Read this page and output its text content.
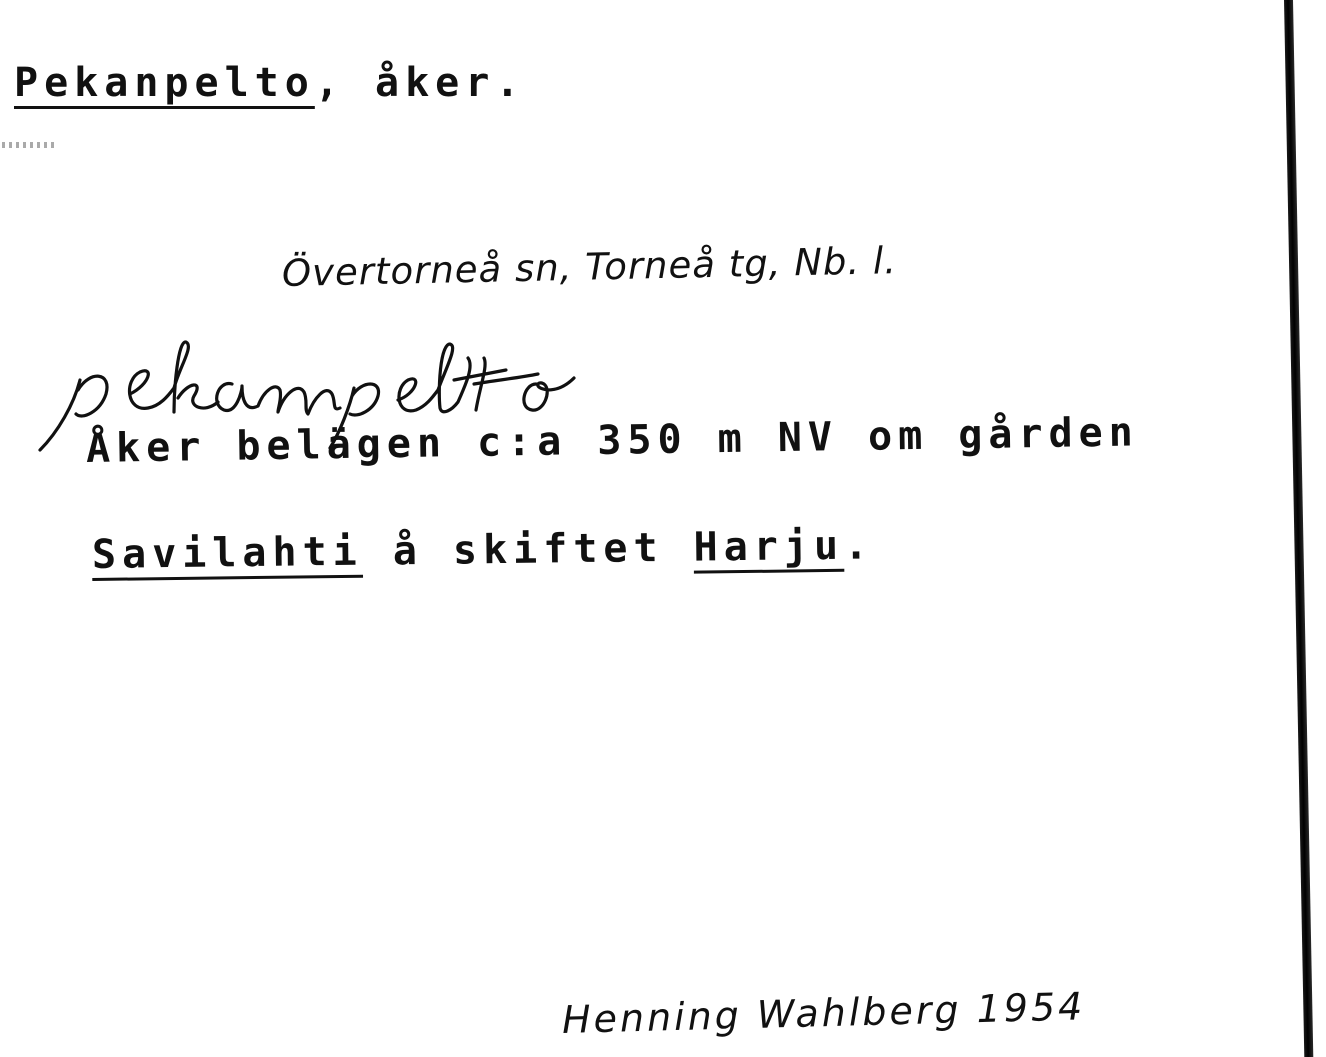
Pekanpelto, åker.
Övertorneå sn, Torneå tg, Nb. l.
pekampelto
Åker belägen c:a 350 m NV om gården
Savilahti å skiftet Harju.
Henning Wahlberg 1954
